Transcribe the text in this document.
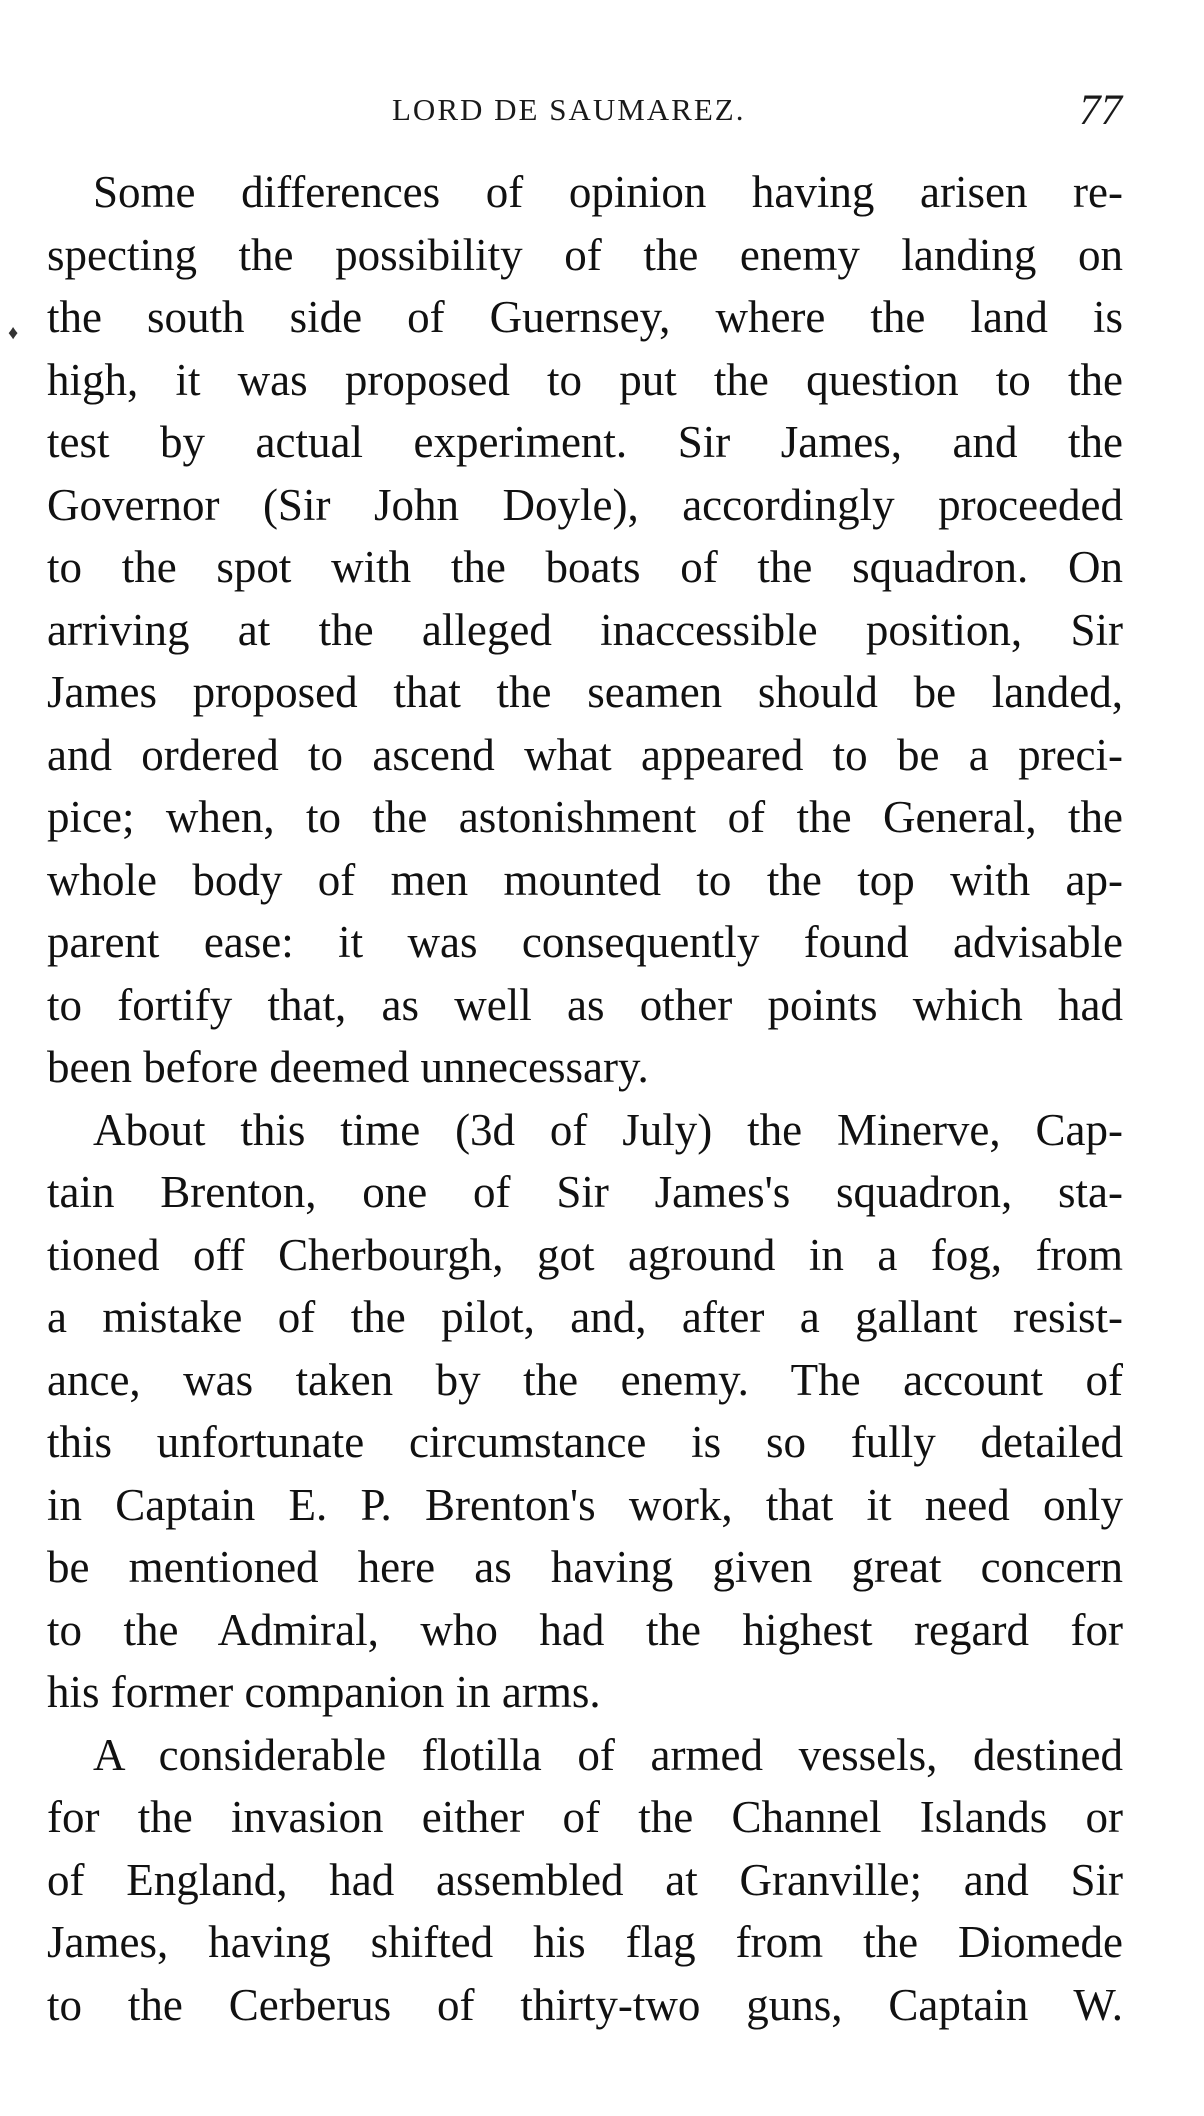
LORD DE SAUMAREZ.	77
♦
Some differences of opinion having arisen re-
specting the possibility of the enemy landing on
the south side of Guernsey, where the land is
high, it was proposed to put the question to the
test by actual experiment. Sir James, and the
Governor (Sir John Doyle), accordingly proceeded
to the spot with the boats of the squadron. On
arriving at the alleged inaccessible position, Sir
James proposed that the seamen should be landed,
and ordered to ascend what appeared to be a preci-
pice; when, to the astonishment of the General, the
whole body of men mounted to the top with ap-
parent ease: it was consequently found advisable
to fortify that, as well as other points which had
been before deemed unnecessary.
About this time (3d of July) the Minerve, Cap-
tain Brenton, one of Sir James's squadron, sta-
tioned off Cherbourgh, got aground in a fog, from
a mistake of the pilot, and, after a gallant resist-
ance, was taken by the enemy. The account of
this unfortunate circumstance is so fully detailed
in Captain E. P. Brenton's work, that it need only
be mentioned here as having given great concern
to the Admiral, who had the highest regard for
his former companion in arms.
A considerable flotilla of armed vessels, destined
for the invasion either of the Channel Islands or
of England, had assembled at Granville; and Sir
James, having shifted his flag from the Diomede
to the Cerberus of thirty-two guns, Captain W.
